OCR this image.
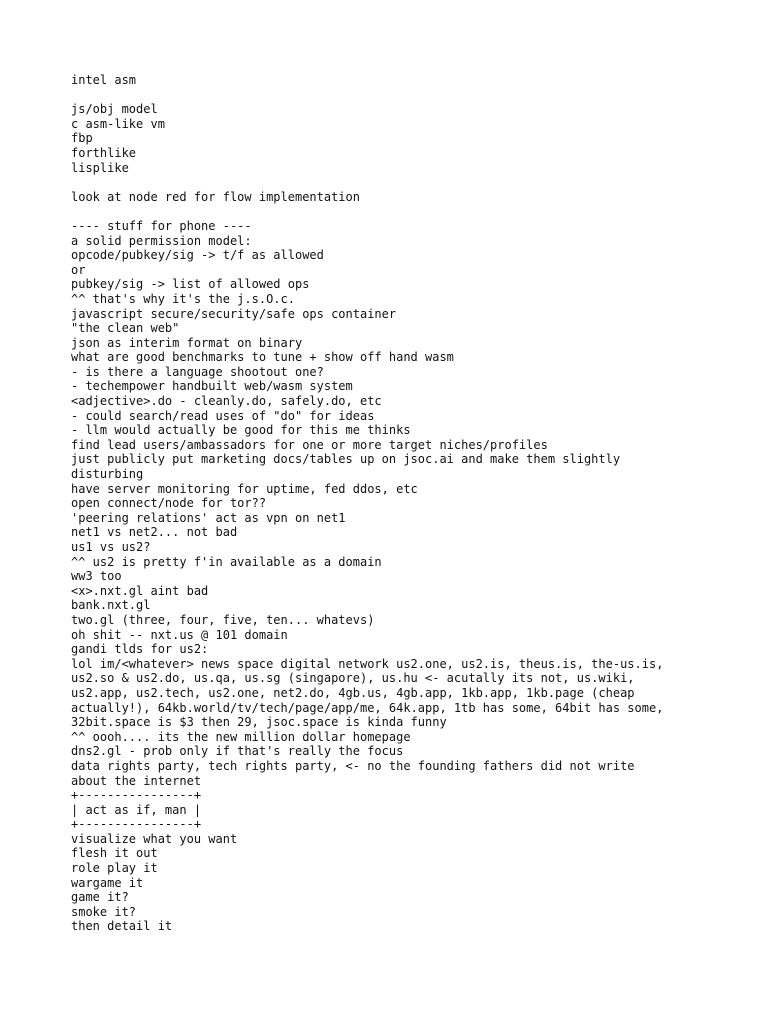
intel asm
js/obj model
c asm-like vm
fbp
forthlike
lisplike
look at node red for flow implementation
---- stuff for phone ----
a solid permission model:
opcode/pubkey/sig -> t/f as allowed
or
pubkey/sig -> list of allowed ops
^^ that's why it's the j.s.O.c.
javascript secure/security/safe ops container
"the clean web"
json as interim format on binary
what are good benchmarks to tune + show off hand wasm
- is there a language shootout one?
- techempower handbuilt web/wasm system
<adjective>.do - cleanly.do, safely.do, etc
- could search/read uses of "do" for ideas
- llm would actually be good for this me thinks
find lead users/ambassadors for one or more target niches/profiles
just publicly put marketing docs/tables up on jsoc.ai and make them slightly
disturbing
have server monitoring for uptime, fed ddos, etc
open connect/node for tor??
'peering relations' act as vpn on net1
net1 vs net2... not bad
us1 vs us2?
^^ us2 is pretty f'in available as a domain
ww3 too
<x>.nxt.gl aint bad
bank.nxt.gl
two.gl (three, four, five, ten... whatevs)
oh shit -- nxt.us @ 101 domain
gandi tlds for us2:
lol im/<whatever> news space digital network us2.one, us2.is, theus.is, the-us.is,
us2.so & us2.do, us.qa, us.sg (singapore), us.hu <- acutally its not, us.wiki,
us2.app, us2.tech, us2.one, net2.do, 4gb.us, 4gb.app, 1kb.app, 1kb.page (cheap
actually!), 64kb.world/tv/tech/page/app/me, 64k.app, 1tb has some, 64bit has some,
32bit.space is $3 then 29, jsoc.space is kinda funny
^^ oooh.... its the new million dollar homepage
dns2.gl - prob only if that's really the focus
data rights party, tech rights party, <- no the founding fathers did not write
about the internet
+----------------+
| act as if, man |
+----------------+
visualize what you want
flesh it out
role play it
wargame it
game it?
smoke it?
then detail it
